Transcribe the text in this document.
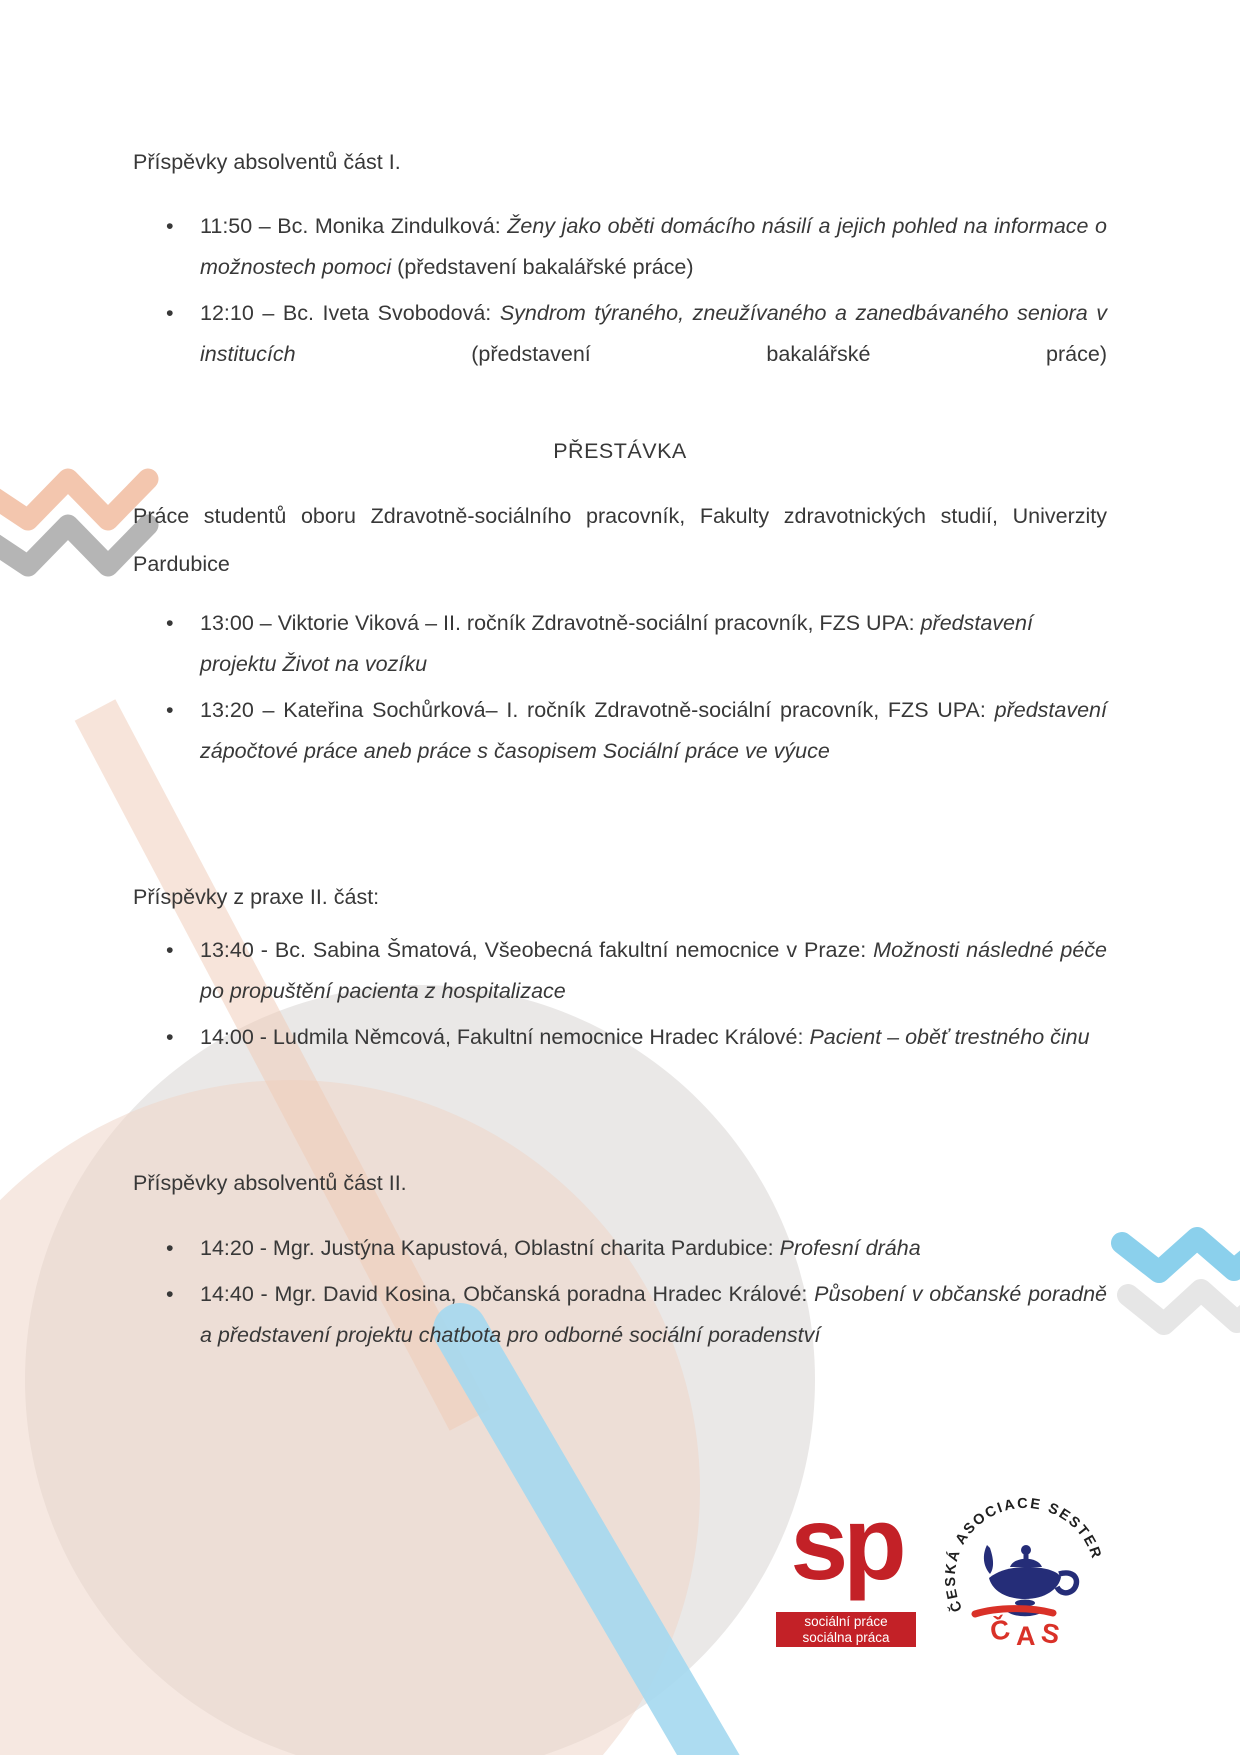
Příspěvky absolventů část I.
• 11:50 – Bc. Monika Zindulková: Ženy jako oběti domácího násilí a jejich pohled na informace o možnostech pomoci (představení bakalářské práce)
• 12:10 – Bc. Iveta Svobodová: Syndrom týraného, zneužívaného a zanedbávaného seniora v institucích (představení bakalářské práce)
PŘESTÁVKA
Práce studentů oboru Zdravotně-sociálního pracovník, Fakulty zdravotnických studií, Univerzity Pardubice
• 13:00 – Viktorie Viková – II. ročník Zdravotně-sociální pracovník, FZS UPA: představení projektu Život na vozíku
• 13:20 – Kateřina Sochůrková– I. ročník Zdravotně-sociální pracovník, FZS UPA: představení zápočtové práce aneb práce s časopisem Sociální práce ve výuce
Příspěvky z praxe II. část:
• 13:40 - Bc. Sabina Šmatová, Všeobecná fakultní nemocnice v Praze: Možnosti následné péče po propuštění pacienta z hospitalizace
• 14:00 - Ludmila Němcová, Fakultní nemocnice Hradec Králové: Pacient – oběť trestného činu
Příspěvky absolventů část II.
• 14:20 - Mgr. Justýna Kapustová, Oblastní charita Pardubice: Profesní dráha
• 14:40 - Mgr. David Kosina, Občanská poradna Hradec Králové: Působení v občanské poradně a představení projektu chatbota pro odborné sociální poradenství
sp
sociální práce
sociálna práca
ČESKÁ ASOCIACE SESTER
Č A S
